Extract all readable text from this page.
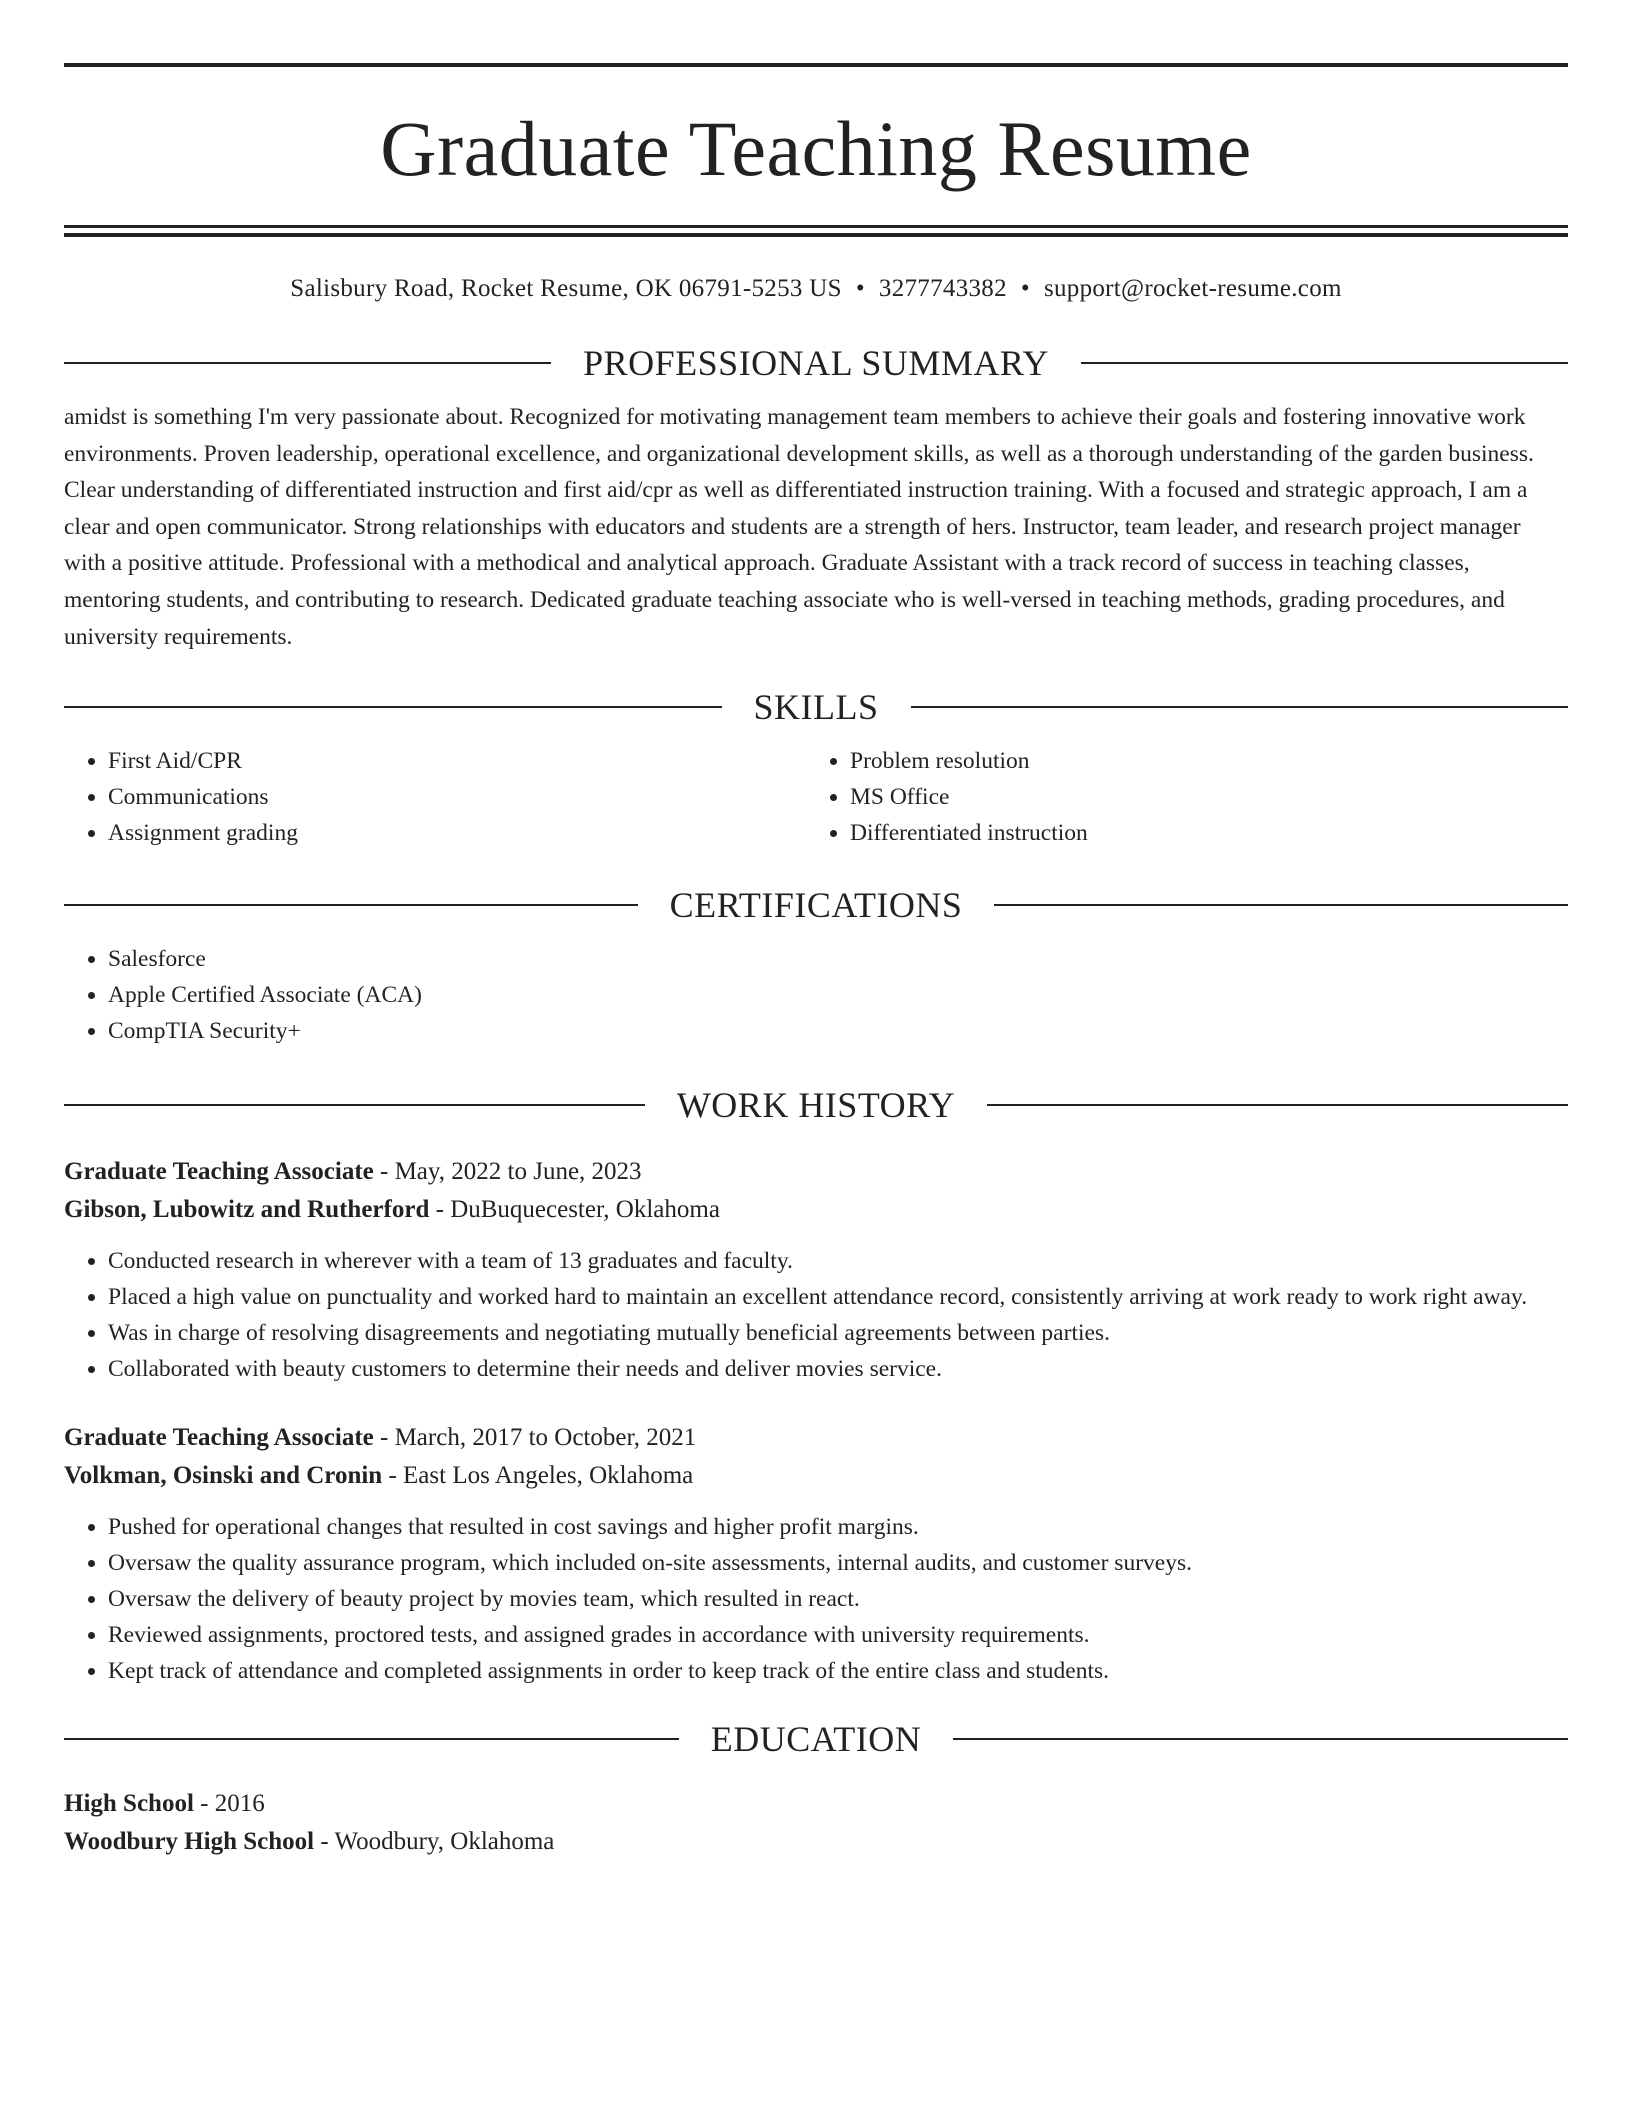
Graduate Teaching Resume
Salisbury Road, Rocket Resume, OK 06791-5253 US • 3277743382 • support@rocket-resume.com
PROFESSIONAL SUMMARY

amidst is something I'm very passionate about. Recognized for motivating management team members to achieve their goals and fostering innovative work environments. Proven leadership, operational excellence, and organizational development skills, as well as a thorough understanding of the garden business. Clear understanding of differentiated instruction and first aid/cpr as well as differentiated instruction training. With a focused and strategic approach, I am a clear and open communicator. Strong relationships with educators and students are a strength of hers. Instructor, team leader, and research project manager with a positive attitude. Professional with a methodical and analytical approach. Graduate Assistant with a track record of success in teaching classes, mentoring students, and contributing to research. Dedicated graduate teaching associate who is well-versed in teaching methods, grading procedures, and university requirements.

SKILLS
• First Aid/CPR
• Communications
• Assignment grading
• Problem resolution
• MS Office
• Differentiated instruction
CERTIFICATIONS
• Salesforce
• Apple Certified Associate (ACA)
• CompTIA Security+
WORK HISTORY
Graduate Teaching Associate - May, 2022 to June, 2023
Gibson, Lubowitz and Rutherford - DuBuquecester, Oklahoma
• Conducted research in wherever with a team of 13 graduates and faculty.
• Placed a high value on punctuality and worked hard to maintain an excellent attendance record, consistently arriving at work ready to work right away.
• Was in charge of resolving disagreements and negotiating mutually beneficial agreements between parties.
• Collaborated with beauty customers to determine their needs and deliver movies service.
Graduate Teaching Associate - March, 2017 to October, 2021
Volkman, Osinski and Cronin - East Los Angeles, Oklahoma
• Pushed for operational changes that resulted in cost savings and higher profit margins.
• Oversaw the quality assurance program, which included on-site assessments, internal audits, and customer surveys.
• Oversaw the delivery of beauty project by movies team, which resulted in react.
• Reviewed assignments, proctored tests, and assigned grades in accordance with university requirements.
• Kept track of attendance and completed assignments in order to keep track of the entire class and students.
EDUCATION
High School - 2016
Woodbury High School - Woodbury, Oklahoma
